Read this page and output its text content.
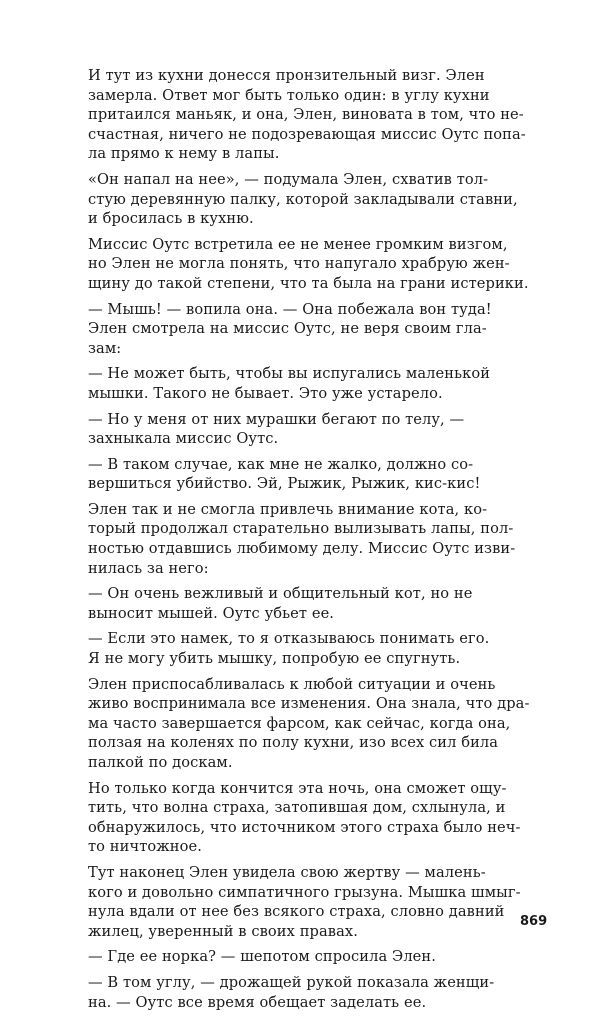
И тут из кухни донесся пронзительный визг. Элен
замерла. Ответ мог быть только один: в углу кухни
притаился маньяк, и она, Элен, виновата в том, что не-
счастная, ничего не подозревающая миссис Оутс попа-
ла прямо к нему в лапы.

«Он напал на нее», — подумала Элен, схватив тол-
стую деревянную палку, которой закладывали ставни,
и бросилась в кухню.

Миссис Оутс встретила ее не менее громким визгом,
но Элен не могла понять, что напугало храбрую жен-
щину до такой степени, что та была на грани истерики.

— Мышь! — вопила она. — Она побежала вон туда!
Элен смотрела на миссис Оутс, не веря своим гла-
зам:

— Не может быть, чтобы вы испугались маленькой
мышки. Такого не бывает. Это уже устарело.

— Но у меня от них мурашки бегают по телу, —
захныкала миссис Оутс.

— В таком случае, как мне не жалко, должно со-
вершиться убийство. Эй, Рыжик, Рыжик, кис-кис!

Элен так и не смогла привлечь внимание кота, ко-
торый продолжал старательно вылизывать лапы, пол-
ностью отдавшись любимому делу. Миссис Оутс изви-
нилась за него:

— Он очень вежливый и общительный кот, но не
выносит мышей. Оутс убьет ее.

— Если это намек, то я отказываюсь понимать его.
Я не могу убить мышку, попробую ее спугнуть.

Элен приспосабливалась к любой ситуации и очень
живо воспринимала все изменения. Она знала, что дра-
ма часто завершается фарсом, как сейчас, когда она,
ползая на коленях по полу кухни, изо всех сил била
палкой по доскам.

Но только когда кончится эта ночь, она сможет ощу-
тить, что волна страха, затопившая дом, схлынула, и
обнаружилось, что источником этого страха было неч-
то ничтожное.

Тут наконец Элен увидела свою жертву — малень-
кого и довольно симпатичного грызуна. Мышка шмыг-
нула вдали от нее без всякого страха, словно давний
жилец, уверенный в своих правах.

— Где ее норка? — шепотом спросила Элен.

— В том углу, — дрожащей рукой показала женщи-
на. — Оутс все время обещает заделать ее.

869
